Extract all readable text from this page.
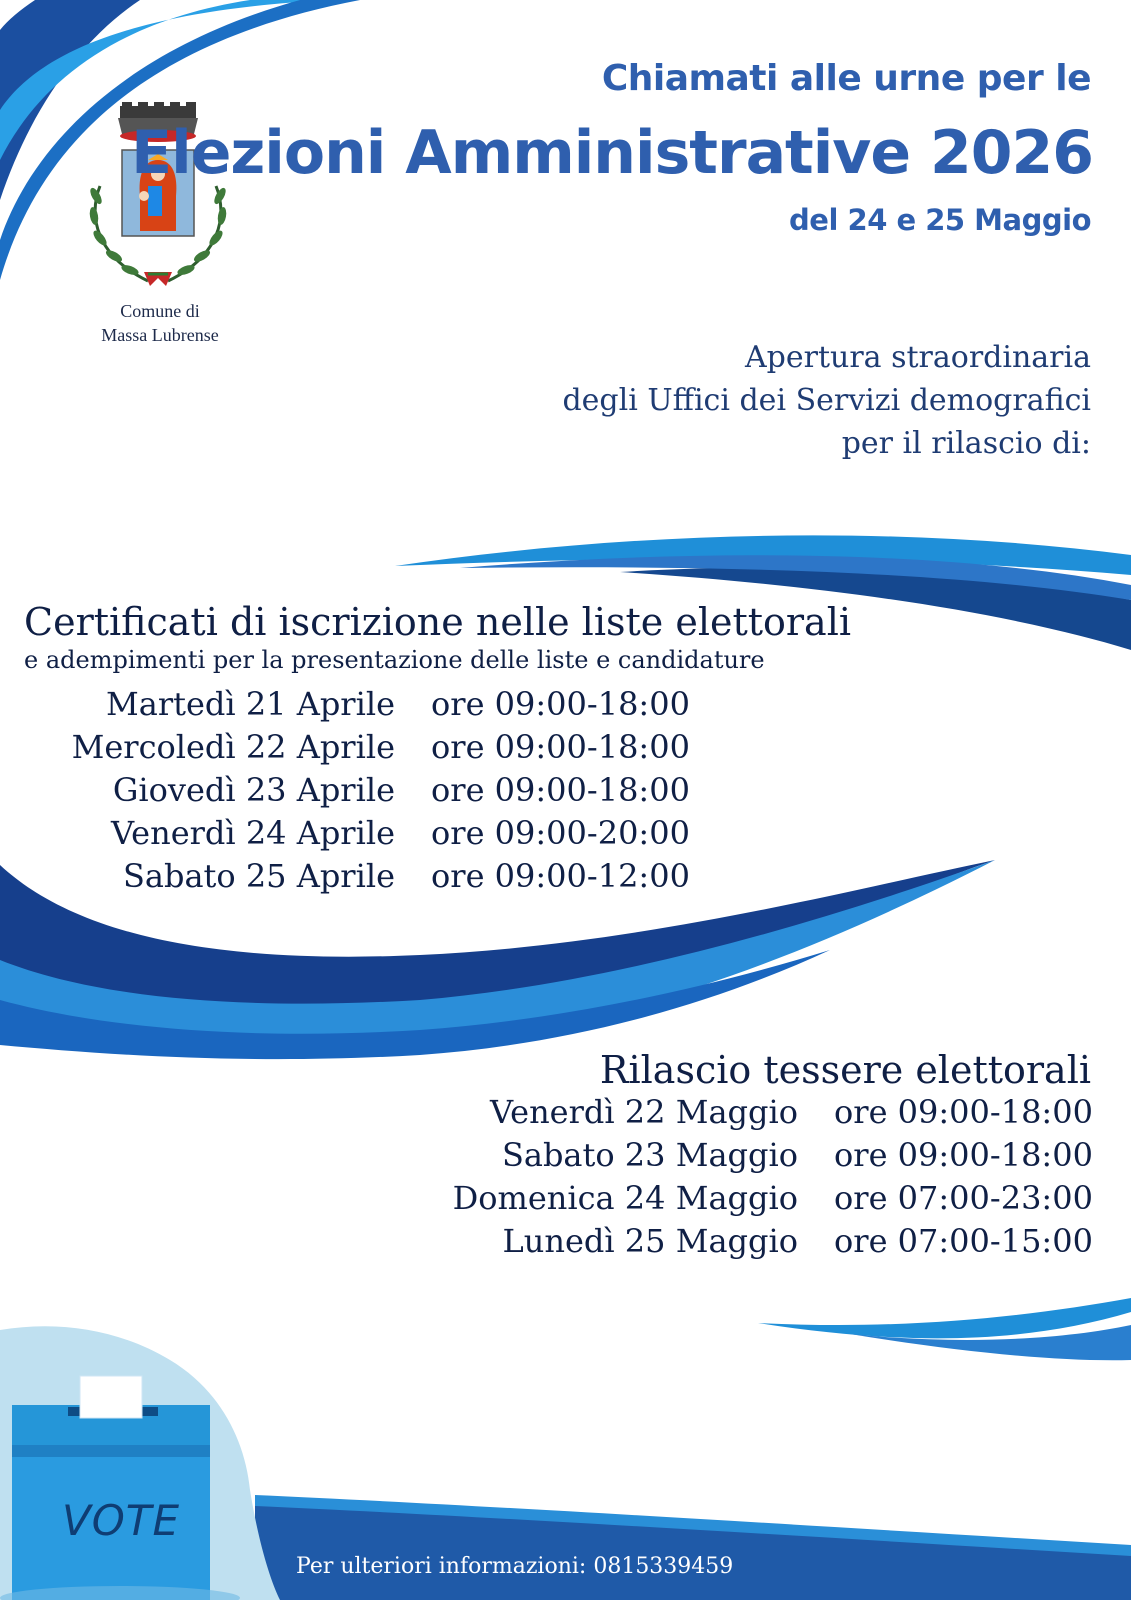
Chiamati alle urne per le
Elezioni Amministrative 2026
del 24 e 25 Maggio
Comune di
Massa Lubrense
Apertura straordinaria
degli Uffici dei Servizi demografici
per il rilascio di:
Certificati di iscrizione nelle liste elettorali
e adempimenti per la presentazione delle liste e candidature
Martedì 21 Aprile ore 09:00-18:00
Mercoledì 22 Aprile ore 09:00-18:00
Giovedì 23 Aprile ore 09:00-18:00
Venerdì 24 Aprile ore 09:00-20:00
Sabato 25 Aprile ore 09:00-12:00
Rilascio tessere elettorali
Venerdì 22 Maggio ore 09:00-18:00
Sabato 23 Maggio ore 09:00-18:00
Domenica 24 Maggio ore 07:00-23:00
Lunedì 25 Maggio ore 07:00-15:00
VOTE
Per ulteriori informazioni: 0815339459
